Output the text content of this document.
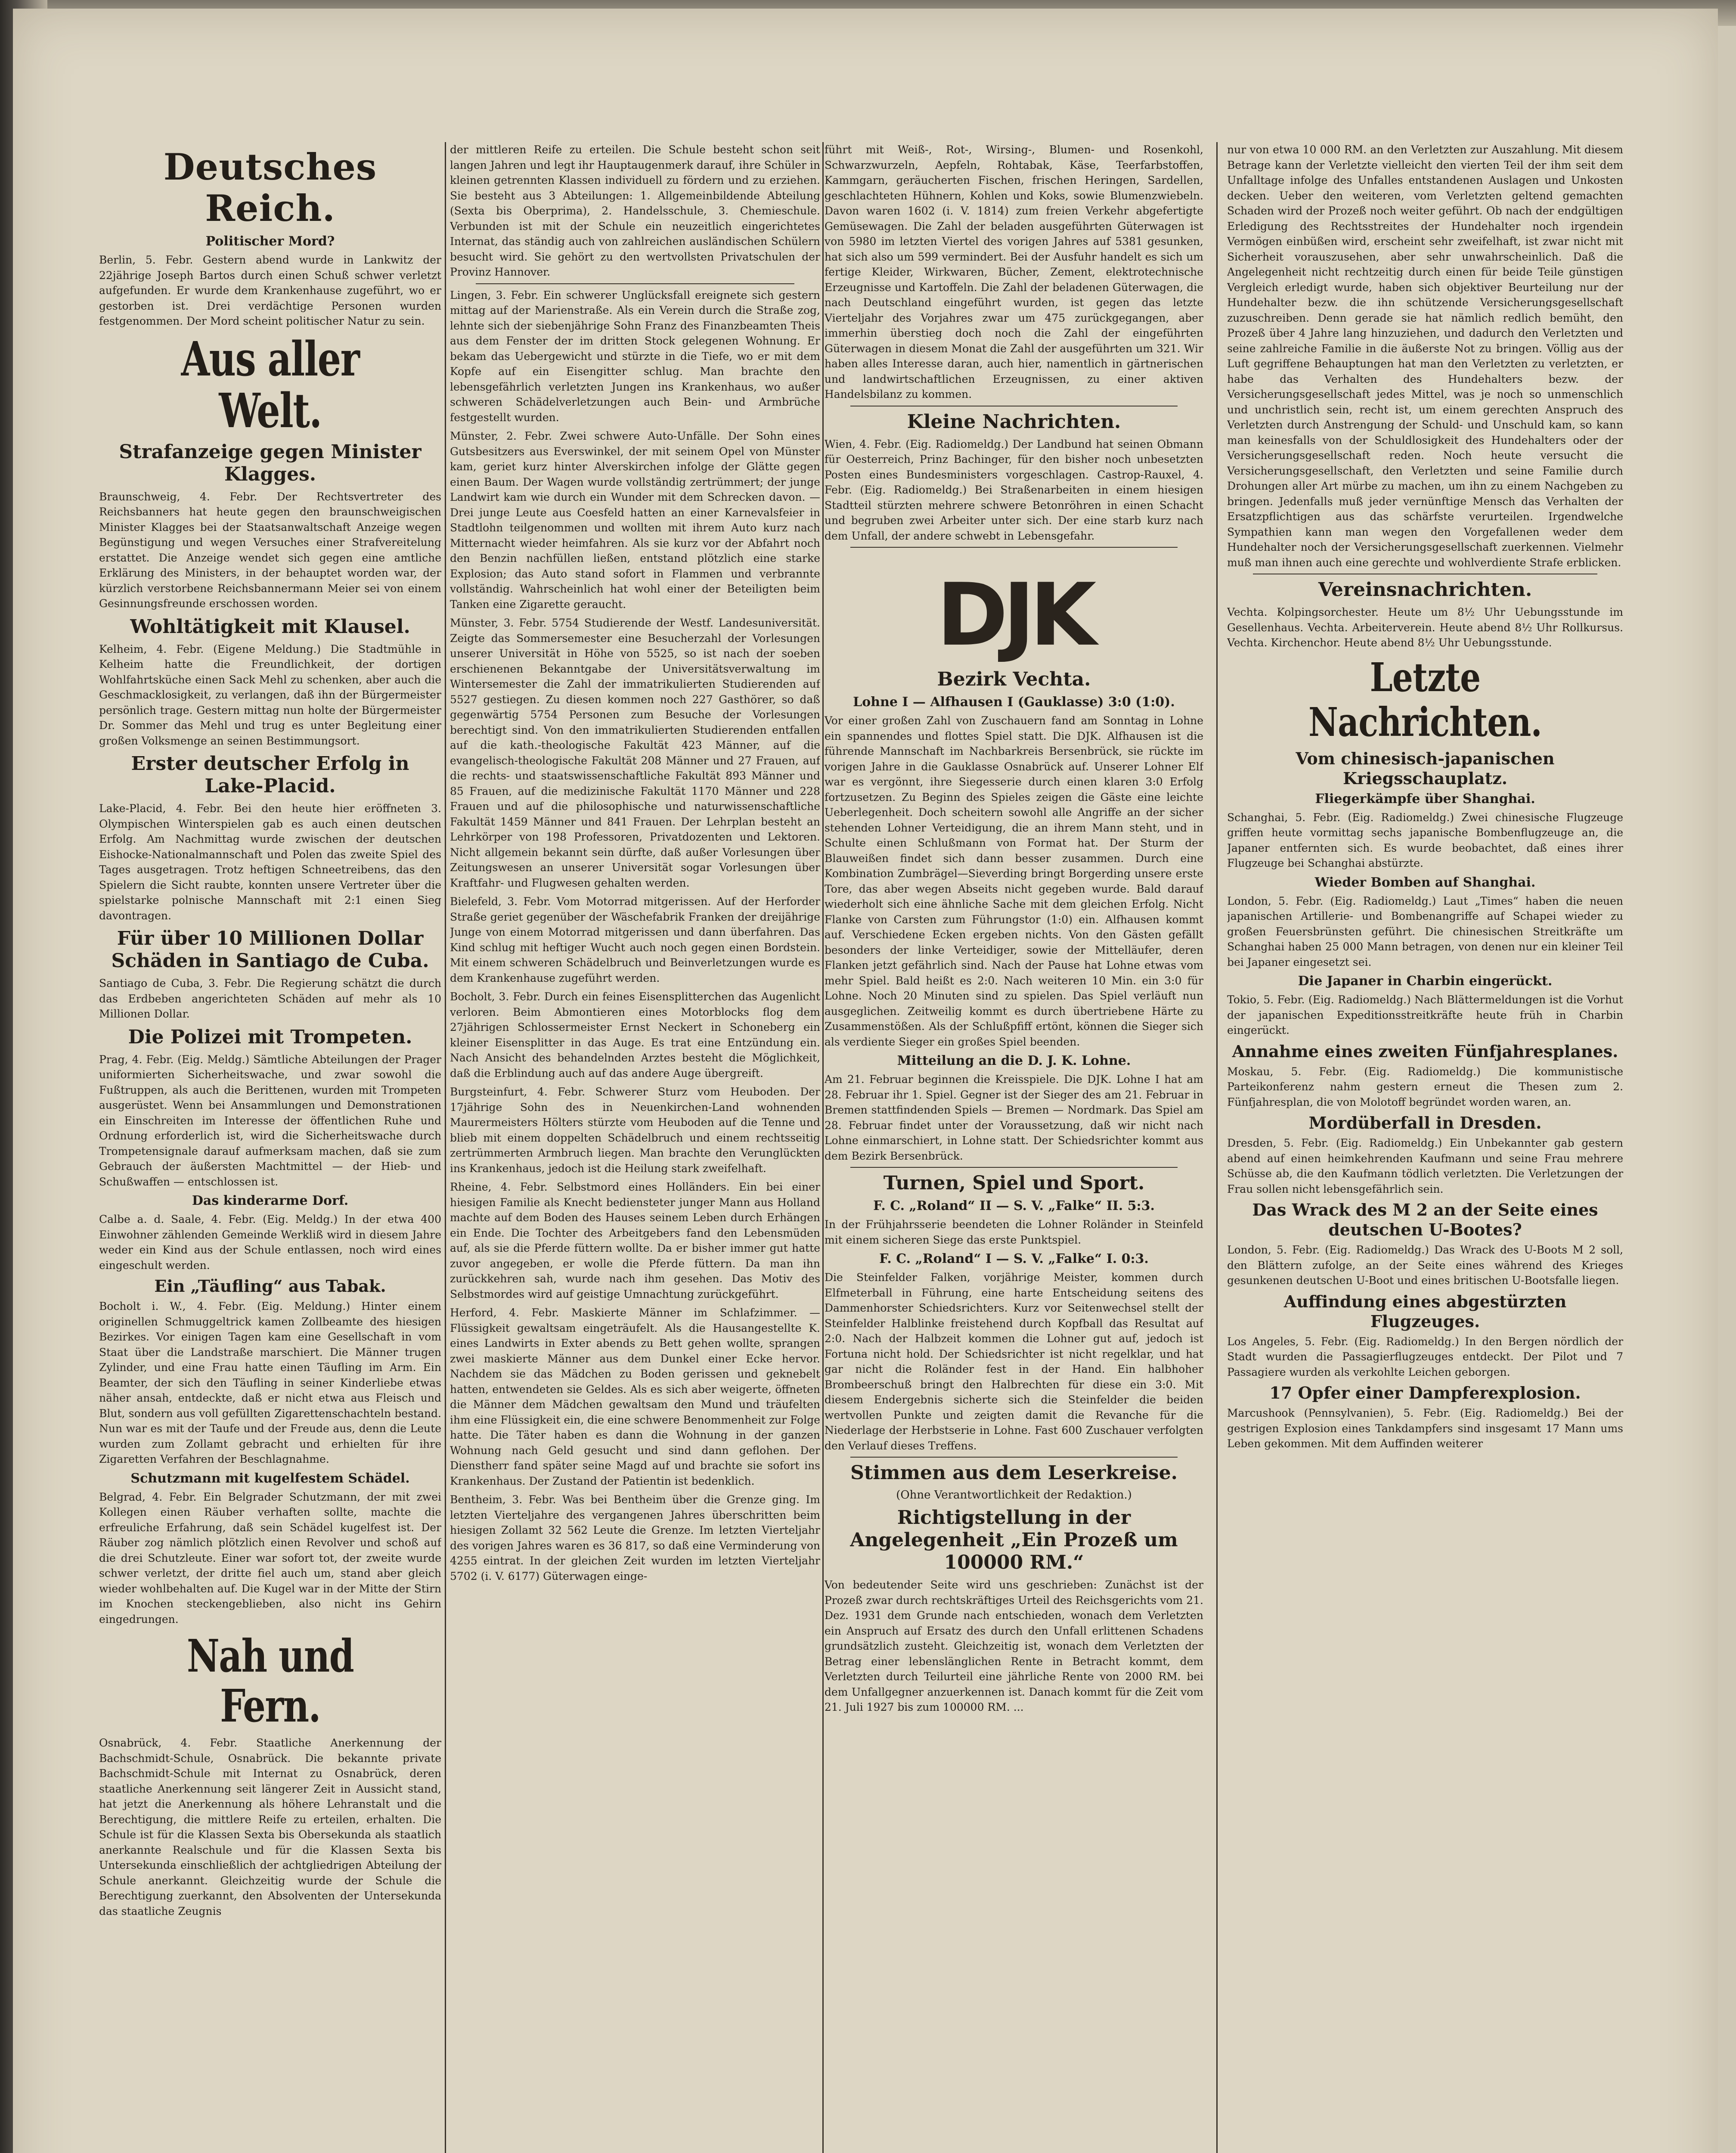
Deutsches Reich.
Politischer Mord?

Berlin, 5. Febr. Gestern abend wurde in Lankwitz der 22jährige Joseph Bartos durch einen Schuß schwer verletzt aufgefunden. Er wurde dem Krankenhause zugeführt, wo er gestorben ist. Drei verdächtige Personen wurden festgenommen. Der Mord scheint politischer Natur zu sein.

Aus aller Welt.
Strafanzeige gegen Minister Klagges.

Braunschweig, 4. Febr. Der Rechtsvertreter des Reichsbanners hat heute gegen den braunschweigischen Minister Klagges bei der Staatsanwaltschaft Anzeige wegen Begünstigung und wegen Versuches einer Strafvereitelung erstattet. Die Anzeige wendet sich gegen eine amtliche Erklärung des Ministers, in der behauptet worden war, der kürzlich verstorbene Reichsbannermann Meier sei von einem Gesinnungsfreunde erschossen worden.

Wohltätigkeit mit Klausel.

Kelheim, 4. Febr. (Eigene Meldung.) Die Stadtmühle in Kelheim hatte die Freundlichkeit, der dortigen Wohlfahrtsküche einen Sack Mehl zu schenken, aber auch die Geschmacklosigkeit, zu verlangen, daß ihn der Bürgermeister persönlich trage. Gestern mittag nun holte der Bürgermeister Dr. Sommer das Mehl und trug es unter Begleitung einer großen Volksmenge an seinen Bestimmungsort.

Erster deutscher Erfolg in Lake-Placid.

Lake-Placid, 4. Febr. Bei den heute hier eröffneten 3. Olympischen Winterspielen gab es auch einen deutschen Erfolg. Am Nachmittag wurde zwischen der deutschen Eishocke-Nationalmannschaft und Polen das zweite Spiel des Tages ausgetragen. Trotz heftigen Schneetreibens, das den Spielern die Sicht raubte, konnten unsere Vertreter über die spielstarke polnische Mannschaft mit 2:1 einen Sieg davontragen.

Für über 10 Millionen Dollar Schäden in Santiago de Cuba.

Santiago de Cuba, 3. Febr. Die Regierung schätzt die durch das Erdbeben angerichteten Schäden auf mehr als 10 Millionen Dollar.

Die Polizei mit Trompeten.

Prag, 4. Febr. (Eig. Meldg.) Sämtliche Abteilungen der Prager uniformierten Sicherheitswache, und zwar sowohl die Fußtruppen, als auch die Berittenen, wurden mit Trompeten ausgerüstet. Wenn bei Ansammlungen und Demonstrationen ein Einschreiten im Interesse der öffentlichen Ruhe und Ordnung erforderlich ist, wird die Sicherheitswache durch Trompetensignale darauf aufmerksam machen, daß sie zum Gebrauch der äußersten Machtmittel — der Hieb- und Schußwaffen — entschlossen ist.

Das kinderarme Dorf.

Calbe a. d. Saale, 4. Febr. (Eig. Meldg.) In der etwa 400 Einwohner zählenden Gemeinde Werkliß wird in diesem Jahre weder ein Kind aus der Schule entlassen, noch wird eines eingeschult werden.

Ein „Täufling“ aus Tabak.

Bocholt i. W., 4. Febr. (Eig. Meldung.) Hinter einem originellen Schmuggeltrick kamen Zollbeamte des hiesigen Bezirkes. Vor einigen Tagen kam eine Gesellschaft in vom Staat über die Landstraße marschiert. Die Männer trugen Zylinder, und eine Frau hatte einen Täufling im Arm. Ein Beamter, der sich den Täufling in seiner Kinderliebe etwas näher ansah, entdeckte, daß er nicht etwa aus Fleisch und Blut, sondern aus voll gefüllten Zigarettenschachteln bestand. Nun war es mit der Taufe und der Freude aus, denn die Leute wurden zum Zollamt gebracht und erhielten für ihre Zigaretten Verfahren der Beschlagnahme.

Schutzmann mit kugelfestem Schädel.

Belgrad, 4. Febr. Ein Belgrader Schutzmann, der mit zwei Kollegen einen Räuber verhaften sollte, machte die erfreuliche Erfahrung, daß sein Schädel kugelfest ist. Der Räuber zog nämlich plötzlich einen Revolver und schoß auf die drei Schutzleute. Einer war sofort tot, der zweite wurde schwer verletzt, der dritte fiel auch um, stand aber gleich wieder wohlbehalten auf. Die Kugel war in der Mitte der Stirn im Knochen steckengeblieben, also nicht ins Gehirn eingedrungen.

Nah und Fern.

Osnabrück, 4. Febr. Staatliche Anerkennung der Bachschmidt-Schule, Osnabrück. Die bekannte private Bachschmidt-Schule mit Internat zu Osnabrück, deren staatliche Anerkennung seit längerer Zeit in Aussicht stand, hat jetzt die Anerkennung als höhere Lehranstalt und die Berechtigung, die mittlere Reife zu erteilen, erhalten. Die Schule ist für die Klassen Sexta bis Obersekunda als staatlich anerkannte Realschule und für die Klassen Sexta bis Untersekunda einschließlich der achtgliedrigen Abteilung der Schule anerkannt. Gleichzeitig wurde der Schule die Berechtigung zuerkannt, den Absolventen der Untersekunda das staatliche Zeugnis

der mittleren Reife zu erteilen. Die Schule besteht schon seit langen Jahren und legt ihr Hauptaugenmerk darauf, ihre Schüler in kleinen getrennten Klassen individuell zu fördern und zu erziehen. Sie besteht aus 3 Abteilungen: 1. Allgemeinbildende Abteilung (Sexta bis Oberprima), 2. Handelsschule, 3. Chemieschule. Verbunden ist mit der Schule ein neuzeitlich eingerichtetes Internat, das ständig auch von zahlreichen ausländischen Schülern besucht wird. Sie gehört zu den wertvollsten Privatschulen der Provinz Hannover.

Lingen, 3. Febr. Ein schwerer Unglücksfall ereignete sich gestern mittag auf der Marienstraße. Als ein Verein durch die Straße zog, lehnte sich der siebenjährige Sohn Franz des Finanzbeamten Theis aus dem Fenster der im dritten Stock gelegenen Wohnung. Er bekam das Uebergewicht und stürzte in die Tiefe, wo er mit dem Kopfe auf ein Eisengitter schlug. Man brachte den lebensgefährlich verletzten Jungen ins Krankenhaus, wo außer schweren Schädelverletzungen auch Bein- und Armbrüche festgestellt wurden.

Münster, 2. Febr. Zwei schwere Auto-Unfälle. Der Sohn eines Gutsbesitzers aus Everswinkel, der mit seinem Opel von Münster kam, geriet kurz hinter Alverskirchen infolge der Glätte gegen einen Baum. Der Wagen wurde vollständig zertrümmert; der junge Landwirt kam wie durch ein Wunder mit dem Schrecken davon. — Drei junge Leute aus Coesfeld hatten an einer Karnevalsfeier in Stadtlohn teilgenommen und wollten mit ihrem Auto kurz nach Mitternacht wieder heimfahren. Als sie kurz vor der Abfahrt noch den Benzin nachfüllen ließen, entstand plötzlich eine starke Explosion; das Auto stand sofort in Flammen und verbrannte vollständig. Wahrscheinlich hat wohl einer der Beteiligten beim Tanken eine Zigarette geraucht.

Münster, 3. Febr. 5754 Studierende der Westf. Landesuniversität. Zeigte das Sommersemester eine Besucherzahl der Vorlesungen unserer Universität in Höhe von 5525, so ist nach der soeben erschienenen Bekanntgabe der Universitätsverwaltung im Wintersemester die Zahl der immatrikulierten Studierenden auf 5527 gestiegen. Zu diesen kommen noch 227 Gasthörer, so daß gegenwärtig 5754 Personen zum Besuche der Vorlesungen berechtigt sind. Von den immatrikulierten Studierenden entfallen auf die kath.-theologische Fakultät 423 Männer, auf die evangelisch-theologische Fakultät 208 Männer und 27 Frauen, auf die rechts- und staatswissenschaftliche Fakultät 893 Männer und 85 Frauen, auf die medizinische Fakultät 1170 Männer und 228 Frauen und auf die philosophische und naturwissenschaftliche Fakultät 1459 Männer und 841 Frauen. Der Lehrplan besteht an Lehrkörper von 198 Professoren, Privatdozenten und Lektoren. Nicht allgemein bekannt sein dürfte, daß außer Vorlesungen über Zeitungswesen an unserer Universität sogar Vorlesungen über Kraftfahr- und Flugwesen gehalten werden.

Bielefeld, 3. Febr. Vom Motorrad mitgerissen. Auf der Herforder Straße geriet gegenüber der Wäschefabrik Franken der dreijährige Junge von einem Motorrad mitgerissen und dann überfahren. Das Kind schlug mit heftiger Wucht auch noch gegen einen Bordstein. Mit einem schweren Schädelbruch und Beinverletzungen wurde es dem Krankenhause zugeführt werden.

Bocholt, 3. Febr. Durch ein feines Eisensplitterchen das Augenlicht verloren. Beim Abmontieren eines Motorblocks flog dem 27jährigen Schlossermeister Ernst Neckert in Schoneberg ein kleiner Eisensplitter in das Auge. Es trat eine Entzündung ein. Nach Ansicht des behandelnden Arztes besteht die Möglichkeit, daß die Erblindung auch auf das andere Auge übergreift.

Burgsteinfurt, 4. Febr. Schwerer Sturz vom Heuboden. Der 17jährige Sohn des in Neuenkirchen-Land wohnenden Maurermeisters Hölters stürzte vom Heuboden auf die Tenne und blieb mit einem doppelten Schädelbruch und einem rechtsseitig zertrümmerten Armbruch liegen. Man brachte den Verunglückten ins Krankenhaus, jedoch ist die Heilung stark zweifelhaft.

Rheine, 4. Febr. Selbstmord eines Holländers. Ein bei einer hiesigen Familie als Knecht bediensteter junger Mann aus Holland machte auf dem Boden des Hauses seinem Leben durch Erhängen ein Ende. Die Tochter des Arbeitgebers fand den Lebensmüden auf, als sie die Pferde füttern wollte. Da er bisher immer gut hatte zuvor angegeben, er wolle die Pferde füttern. Da man ihn zurückkehren sah, wurde nach ihm gesehen. Das Motiv des Selbstmordes wird auf geistige Umnachtung zurückgeführt.

Herford, 4. Febr. Maskierte Männer im Schlafzimmer. — Flüssigkeit gewaltsam eingeträufelt. Als die Hausangestellte K. eines Landwirts in Exter abends zu Bett gehen wollte, sprangen zwei maskierte Männer aus dem Dunkel einer Ecke hervor. Nachdem sie das Mädchen zu Boden gerissen und geknebelt hatten, entwendeten sie Geldes. Als es sich aber weigerte, öffneten die Männer dem Mädchen gewaltsam den Mund und träufelten ihm eine Flüssigkeit ein, die eine schwere Benommenheit zur Folge hatte. Die Täter haben es dann die Wohnung in der ganzen Wohnung nach Geld gesucht und sind dann geflohen. Der Dienstherr fand später seine Magd auf und brachte sie sofort ins Krankenhaus. Der Zustand der Patientin ist bedenklich.

Bentheim, 3. Febr. Was bei Bentheim über die Grenze ging. Im letzten Vierteljahre des vergangenen Jahres überschritten beim hiesigen Zollamt 32 562 Leute die Grenze. Im letzten Vierteljahr des vorigen Jahres waren es 36 817, so daß eine Verminderung von 4255 eintrat. In der gleichen Zeit wurden im letzten Vierteljahr 5702 (i. V. 6177) Güterwagen einge-

führt mit Weiß-, Rot-, Wirsing-, Blumen- und Rosenkohl, Schwarzwurzeln, Aepfeln, Rohtabak, Käse, Teerfarbstoffen, Kammgarn, geräucherten Fischen, frischen Heringen, Sardellen, geschlachteten Hühnern, Kohlen und Koks, sowie Blumenzwiebeln. Davon waren 1602 (i. V. 1814) zum freien Verkehr abgefertigte Gemüsewagen. Die Zahl der beladen ausgeführten Güterwagen ist von 5980 im letzten Viertel des vorigen Jahres auf 5381 gesunken, hat sich also um 599 vermindert. Bei der Ausfuhr handelt es sich um fertige Kleider, Wirkwaren, Bücher, Zement, elektrotechnische Erzeugnisse und Kartoffeln. Die Zahl der beladenen Güterwagen, die nach Deutschland eingeführt wurden, ist gegen das letzte Vierteljahr des Vorjahres zwar um 475 zurückgegangen, aber immerhin überstieg doch noch die Zahl der eingeführten Güterwagen in diesem Monat die Zahl der ausgeführten um 321. Wir haben alles Interesse daran, auch hier, namentlich in gärtnerischen und landwirtschaftlichen Erzeugnissen, zu einer aktiven Handelsbilanz zu kommen.

Kleine Nachrichten.

Wien, 4. Febr. (Eig. Radiomeldg.) Der Landbund hat seinen Obmann für Oesterreich, Prinz Bachinger, für den bisher noch unbesetzten Posten eines Bundesministers vorgeschlagen. Castrop-Rauxel, 4. Febr. (Eig. Radiomeldg.) Bei Straßenarbeiten in einem hiesigen Stadtteil stürzten mehrere schwere Betonröhren in einen Schacht und begruben zwei Arbeiter unter sich. Der eine starb kurz nach dem Unfall, der andere schwebt in Lebensgefahr.

DJK
Bezirk Vechta.
Lohne I — Alfhausen I (Gauklasse) 3:0 (1:0).

Vor einer großen Zahl von Zuschauern fand am Sonntag in Lohne ein spannendes und flottes Spiel statt. Die DJK. Alfhausen ist die führende Mannschaft im Nachbarkreis Bersenbrück, sie rückte im vorigen Jahre in die Gauklasse Osnabrück auf. Unserer Lohner Elf war es vergönnt, ihre Siegesserie durch einen klaren 3:0 Erfolg fortzusetzen. Zu Beginn des Spieles zeigen die Gäste eine leichte Ueberlegenheit. Doch scheitern sowohl alle Angriffe an der sicher stehenden Lohner Verteidigung, die an ihrem Mann steht, und in Schulte einen Schlußmann von Format hat. Der Sturm der Blauweißen findet sich dann besser zusammen. Durch eine Kombination Zumbrägel—Sieverding bringt Borgerding unsere erste Tore, das aber wegen Abseits nicht gegeben wurde. Bald darauf wiederholt sich eine ähnliche Sache mit dem gleichen Erfolg. Nicht Flanke von Carsten zum Führungstor (1:0) ein. Alfhausen kommt auf. Verschiedene Ecken ergeben nichts. Von den Gästen gefällt besonders der linke Verteidiger, sowie der Mittelläufer, deren Flanken jetzt gefährlich sind. Nach der Pause hat Lohne etwas vom mehr Spiel. Bald heißt es 2:0. Nach weiteren 10 Min. ein 3:0 für Lohne. Noch 20 Minuten sind zu spielen. Das Spiel verläuft nun ausgeglichen. Zeitweilig kommt es durch übertriebene Härte zu Zusammenstößen. Als der Schlußpfiff ertönt, können die Sieger sich als verdiente Sieger ein großes Spiel beenden.

Mitteilung an die D. J. K. Lohne.

Am 21. Februar beginnen die Kreisspiele. Die DJK. Lohne I hat am 28. Februar ihr 1. Spiel. Gegner ist der Sieger des am 21. Februar in Bremen stattfindenden Spiels — Bremen — Nordmark. Das Spiel am 28. Februar findet unter der Voraussetzung, daß wir nicht nach Lohne einmarschiert, in Lohne statt. Der Schiedsrichter kommt aus dem Bezirk Bersenbrück.

Turnen, Spiel und Sport.
F. C. „Roland“ II — S. V. „Falke“ II. 5:3.

In der Frühjahrsserie beendeten die Lohner Roländer in Steinfeld mit einem sicheren Siege das erste Punktspiel.

F. C. „Roland“ I — S. V. „Falke“ I. 0:3.

Die Steinfelder Falken, vorjährige Meister, kommen durch Elfmeterball in Führung, eine harte Entscheidung seitens des Dammenhorster Schiedsrichters. Kurz vor Seitenwechsel stellt der Steinfelder Halblinke freistehend durch Kopfball das Resultat auf 2:0. Nach der Halbzeit kommen die Lohner gut auf, jedoch ist Fortuna nicht hold. Der Schiedsrichter ist nicht regelklar, und hat gar nicht die Roländer fest in der Hand. Ein halbhoher Brombeerschuß bringt den Halbrechten für diese ein 3:0. Mit diesem Endergebnis sicherte sich die Steinfelder die beiden wertvollen Punkte und zeigten damit die Revanche für die Niederlage der Herbstserie in Lohne. Fast 600 Zuschauer verfolgten den Verlauf dieses Treffens.

Stimmen aus dem Leserkreise.
(Ohne Verantwortlichkeit der Redaktion.)
Richtigstellung in der Angelegenheit „Ein Prozeß um 100000 RM.“

Von bedeutender Seite wird uns geschrieben: Zunächst ist der Prozeß zwar durch rechtskräftiges Urteil des Reichsgerichts vom 21. Dez. 1931 dem Grunde nach entschieden, wonach dem Verletzten ein Anspruch auf Ersatz des durch den Unfall erlittenen Schadens grundsätzlich zusteht. Gleichzeitig ist, wonach dem Verletzten der Betrag einer lebenslänglichen Rente in Betracht kommt, dem Verletzten durch Teilurteil eine jährliche Rente von 2000 RM. bei dem Unfallgegner anzuerkennen ist. Danach kommt für die Zeit vom 21. Juli 1927 bis zum 100000 RM. ...

nur von etwa 10 000 RM. an den Verletzten zur Auszahlung. Mit diesem Betrage kann der Verletzte vielleicht den vierten Teil der ihm seit dem Unfalltage infolge des Unfalles entstandenen Auslagen und Unkosten decken. Ueber den weiteren, vom Verletzten geltend gemachten Schaden wird der Prozeß noch weiter geführt. Ob nach der endgültigen Erledigung des Rechtsstreites der Hundehalter noch irgendein Vermögen einbüßen wird, erscheint sehr zweifelhaft, ist zwar nicht mit Sicherheit vorauszusehen, aber sehr unwahrscheinlich. Daß die Angelegenheit nicht rechtzeitig durch einen für beide Teile günstigen Vergleich erledigt wurde, haben sich objektiver Beurteilung nur der Hundehalter bezw. die ihn schützende Versicherungsgesellschaft zuzuschreiben. Denn gerade sie hat nämlich redlich bemüht, den Prozeß über 4 Jahre lang hinzuziehen, und dadurch den Verletzten und seine zahlreiche Familie in die äußerste Not zu bringen. Völlig aus der Luft gegriffene Behauptungen hat man den Verletzten zu verletzten, er habe das Verhalten des Hundehalters bezw. der Versicherungsgesellschaft jedes Mittel, was je noch so unmenschlich und unchristlich sein, recht ist, um einem gerechten Anspruch des Verletzten durch Anstrengung der Schuld- und Unschuld kam, so kann man keinesfalls von der Schuldlosigkeit des Hundehalters oder der Versicherungsgesellschaft reden. Noch heute versucht die Versicherungsgesellschaft, den Verletzten und seine Familie durch Drohungen aller Art mürbe zu machen, um ihn zu einem Nachgeben zu bringen. Jedenfalls muß jeder vernünftige Mensch das Verhalten der Ersatzpflichtigen aus das schärfste verurteilen. Irgendwelche Sympathien kann man wegen den Vorgefallenen weder dem Hundehalter noch der Versicherungsgesellschaft zuerkennen. Vielmehr muß man ihnen auch eine gerechte und wohlverdiente Strafe erblicken.

Vereinsnachrichten.

Vechta. Kolpingsorchester. Heute um 8½ Uhr Uebungsstunde im Gesellenhaus. Vechta. Arbeiterverein. Heute abend 8½ Uhr Rollkursus. Vechta. Kirchenchor. Heute abend 8½ Uhr Uebungsstunde.

Letzte Nachrichten.
Vom chinesisch-japanischen Kriegsschauplatz.
Fliegerkämpfe über Shanghai.

Schanghai, 5. Febr. (Eig. Radiomeldg.) Zwei chinesische Flugzeuge griffen heute vormittag sechs japanische Bombenflugzeuge an, die Japaner entfernten sich. Es wurde beobachtet, daß eines ihrer Flugzeuge bei Schanghai abstürzte.

Wieder Bomben auf Shanghai.

London, 5. Febr. (Eig. Radiomeldg.) Laut „Times“ haben die neuen japanischen Artillerie- und Bombenangriffe auf Schapei wieder zu großen Feuersbrünsten geführt. Die chinesischen Streitkräfte um Schanghai haben 25 000 Mann betragen, von denen nur ein kleiner Teil bei Japaner eingesetzt sei.

Die Japaner in Charbin eingerückt.

Tokio, 5. Febr. (Eig. Radiomeldg.) Nach Blättermeldungen ist die Vorhut der japanischen Expeditionsstreitkräfte heute früh in Charbin eingerückt.

Annahme eines zweiten Fünfjahresplanes.

Moskau, 5. Febr. (Eig. Radiomeldg.) Die kommunistische Parteikonferenz nahm gestern erneut die Thesen zum 2. Fünfjahresplan, die von Molotoff begründet worden waren, an.

Mordüberfall in Dresden.

Dresden, 5. Febr. (Eig. Radiomeldg.) Ein Unbekannter gab gestern abend auf einen heimkehrenden Kaufmann und seine Frau mehrere Schüsse ab, die den Kaufmann tödlich verletzten. Die Verletzungen der Frau sollen nicht lebensgefährlich sein.

Das Wrack des M 2 an der Seite eines deutschen U-Bootes?

London, 5. Febr. (Eig. Radiomeldg.) Das Wrack des U-Boots M 2 soll, den Blättern zufolge, an der Seite eines während des Krieges gesunkenen deutschen U-Boot und eines britischen U-Bootsfalle liegen.

Auffindung eines abgestürzten Flugzeuges.

Los Angeles, 5. Febr. (Eig. Radiomeldg.) In den Bergen nördlich der Stadt wurden die Passagierflugzeuges entdeckt. Der Pilot und 7 Passagiere wurden als verkohlte Leichen geborgen.

17 Opfer einer Dampferexplosion.

Marcushook (Pennsylvanien), 5. Febr. (Eig. Radiomeldg.) Bei der gestrigen Explosion eines Tankdampfers sind insgesamt 17 Mann ums Leben gekommen. Mit dem Auffinden weiterer
